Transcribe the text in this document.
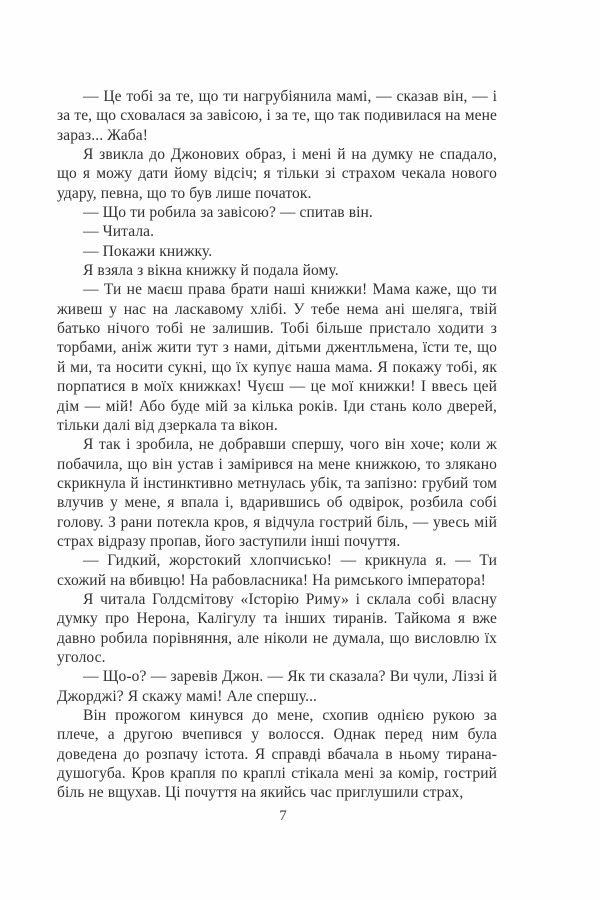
— Це тобі за те, що ти нагрубіянила мамі, — сказав він, — і за те, що сховалася за завісою, і за те, що так подивилася на мене зараз... Жаба!

Я звикла до Джонових образ, і мені й на думку не спадало, що я можу дати йому відсіч; я тільки зі страхом чекала нового удару, певна, що то був лише початок.

— Що ти робила за завісою? — спитав він.

— Читала.

— Покажи книжку.

Я взяла з вікна книжку й подала йому.

— Ти не маєш права брати наші книжки! Мама каже, що ти живеш у нас на ласкавому хлібі. У тебе нема ані шеляга, твій батько нічого тобі не залишив. Тобі більше пристало ходити з торбами, аніж жити тут з нами, дітьми джентльмена, їсти те, що й ми, та носити сукні, що їх купує наша мама. Я покажу тобі, як порпатися в моїх книжках! Чуєш — це мої книжки! І ввесь цей дім — мій! Або буде мій за кілька років. Іди стань коло дверей, тільки далі від дзеркала та вікон.

Я так і зробила, не добравши спершу, чого він хоче; коли ж побачила, що він устав і замірився на мене книжкою, то злякано скрикнула й інстинктивно метнулась убік, та запізно: грубий том влучив у мене, я впала і, вдарившись об одвірок, розбила собі голову. З рани потекла кров, я відчула гострий біль, — увесь мій страх відразу пропав, його заступили інші почуття.

— Гидкий, жорстокий хлопчисько! — крикнула я. — Ти схожий на вбивцю! На рабовласника! На римського імператора!

Я читала Голдсмітову «Історію Риму» і склала собі власну думку про Нерона, Калігулу та інших тиранів. Тайкома я вже давно робила порівняння, але ніколи не думала, що висловлю їх уголос.

— Що-о? — заревів Джон. — Як ти сказала? Ви чули, Ліззі й Джорджі? Я скажу мамі! Але спершу...

Він прожогом кинувся до мене, схопив однією рукою за плече, а другою вчепився у волосся. Однак перед ним була доведена до розпачу істота. Я справді вбачала в ньому тирана-душогуба. Кров крапля по краплі стікала мені за комір, гострий біль не вщухав. Ці почуття на якийсь час приглушили страх,

7
